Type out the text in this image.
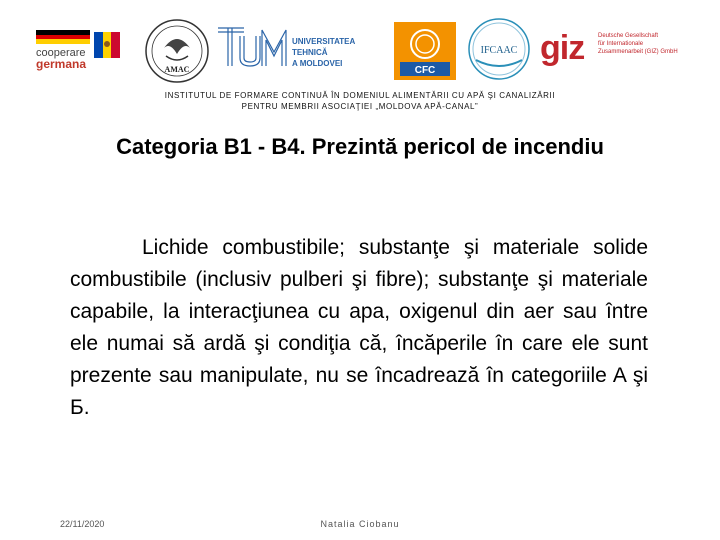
cooperare
germana	AMAC
UTM
UNIVERSITATEA TEHNICĂ
A MOLDOVEI
CFC
IFCAAC giz Deutsche Gesellschaft
für Internationale
Zusammenarbeit (GIZ) GmbH
INSTITUTUL DE FORMARE CONTINUĂ ÎN DOMENIUL ALIMENTĂRII CU APĂ ŞI CANALIZĂRII
PENTRU MEMBRII ASOCIAŢIEI „MOLDOVA APĂ-CANAL”
Categoria B1 - B4. Prezintă pericol de incendiu
Lichide combustibile; substanţe şi materiale solide combustibile (inclusiv pulberi şi fibre); substanţe şi materiale capabile, la interacţiunea cu apa, oxigenul din aer sau între ele numai să ardă şi condiţia că, încăperile în care ele sunt prezente sau manipulate, nu se încadrează în categoriile A şi Б.
22/11/2020	Natalia Ciobanu
